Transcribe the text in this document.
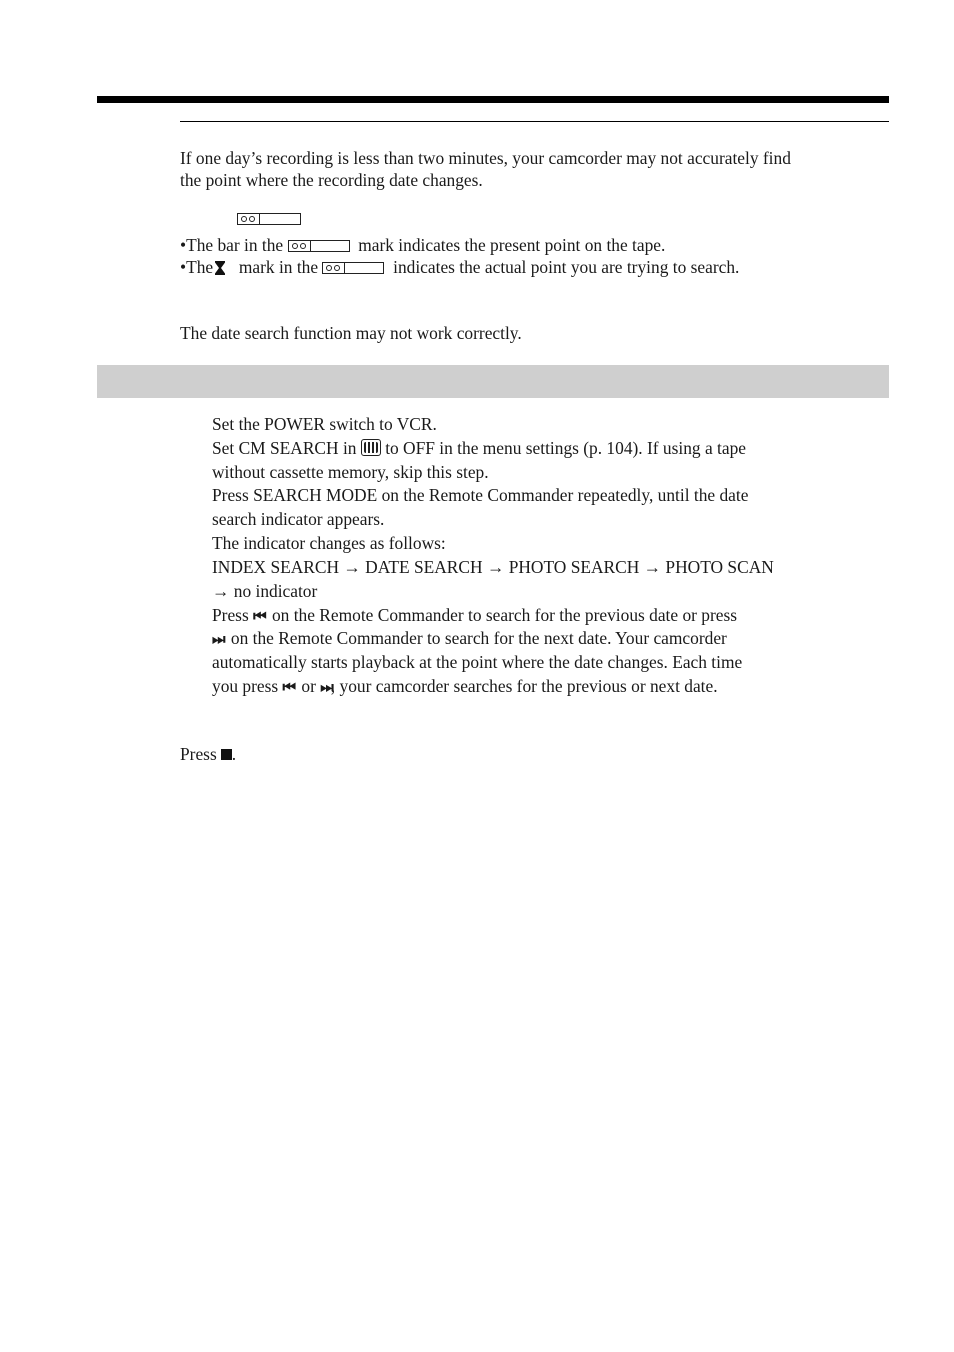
If one day’s recording is less than two minutes, your camcorder may not accurately find
the point where the recording date changes.
•The bar in the	mark indicates the present point on the tape.
•The mark in the	indicates the actual point you are trying to search.
The date search function may not work correctly.
Set the POWER switch to VCR.
Set CM SEARCH in to OFF in the menu settings (p. 104). If using a tape
without cassette memory, skip this step.
Press SEARCH MODE on the Remote Commander repeatedly, until the date
search indicator appears.
The indicator changes as follows:
INDEX SEARCH → DATE SEARCH → PHOTO SEARCH → PHOTO SCAN
→ no indicator
Press ⏮ on the Remote Commander to search for the previous date or press
⏭ on the Remote Commander to search for the next date. Your camcorder
automatically starts playback at the point where the date changes. Each time
you press ⏮ or ⏭, your camcorder searches for the previous or next date.
Press .
